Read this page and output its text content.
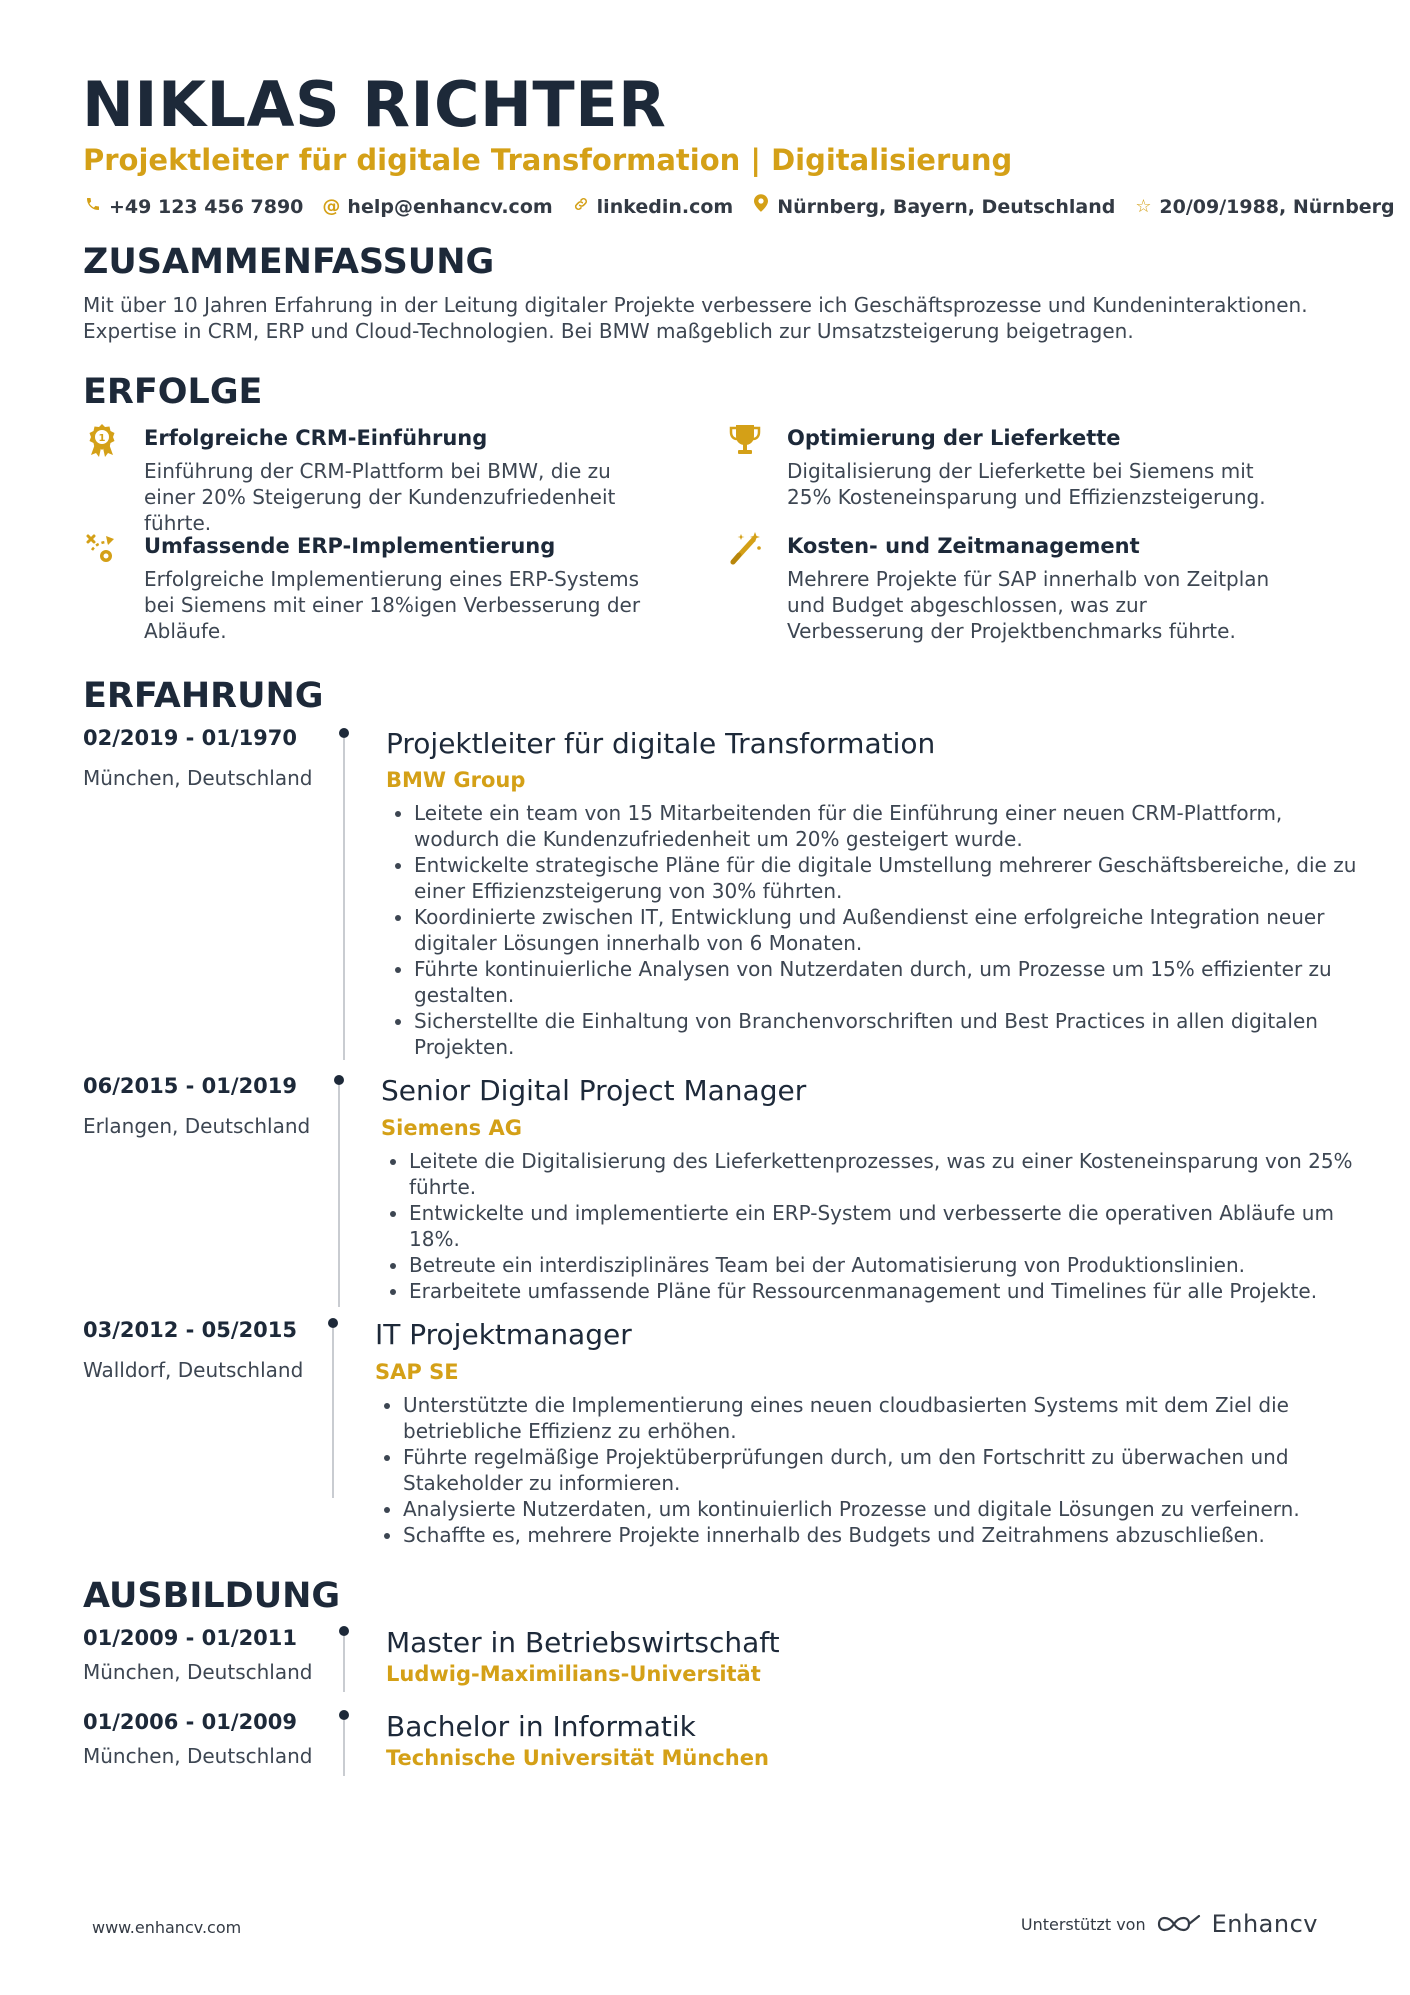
NIKLAS RICHTER
Projektleiter für digitale Transformation | Digitalisierung
+49 123 456 7890 @ help@enhancv.com linkedin.com Nürnberg, Bayern, Deutschland ☆ 20/09/1988, Nürnberg
ZUSAMMENFASSUNG

Mit über 10 Jahren Erfahrung in der Leitung digitaler Projekte verbessere ich Geschäftsprozesse und Kundeninteraktionen. Expertise in CRM, ERP und Cloud-Technologien. Bei BMW maßgeblich zur Umsatzsteigerung beigetragen.

ERFOLGE
1 Erfolgreiche CRM-Einführung

Einführung der CRM-Plattform bei BMW, die zu einer 20% Steigerung der Kundenzufriedenheit führte.

Optimierung der Lieferkette

Digitalisierung der Lieferkette bei Siemens mit 25% Kosteneinsparung und Effizienzsteigerung.

Umfassende ERP-Implementierung

Erfolgreiche Implementierung eines ERP-Systems bei Siemens mit einer 18%igen Verbesserung der Abläufe.

Kosten- und Zeitmanagement

Mehrere Projekte für SAP innerhalb von Zeitplan und Budget abgeschlossen, was zur Verbesserung der Projektbenchmarks führte.

ERFAHRUNG
02/2019 - 01/1970
München, Deutschland
Projektleiter für digitale Transformation
BMW Group
• Leitete ein team von 15 Mitarbeitenden für die Einführung einer neuen CRM-Plattform, wodurch die Kundenzufriedenheit um 20% gesteigert wurde.
• Entwickelte strategische Pläne für die digitale Umstellung mehrerer Geschäftsbereiche, die zu einer Effizienzsteigerung von 30% führten.
• Koordinierte zwischen IT, Entwicklung und Außendienst eine erfolgreiche Integration neuer digitaler Lösungen innerhalb von 6 Monaten.
• Führte kontinuierliche Analysen von Nutzerdaten durch, um Prozesse um 15% effizienter zu gestalten.
• Sicherstellte die Einhaltung von Branchenvorschriften und Best Practices in allen digitalen Projekten.
06/2015 - 01/2019
Erlangen, Deutschland
Senior Digital Project Manager
Siemens AG
• Leitete die Digitalisierung des Lieferkettenprozesses, was zu einer Kosteneinsparung von 25% führte.
• Entwickelte und implementierte ein ERP-System und verbesserte die operativen Abläufe um 18%.
• Betreute ein interdisziplinäres Team bei der Automatisierung von Produktionslinien.
• Erarbeitete umfassende Pläne für Ressourcenmanagement und Timelines für alle Projekte.
03/2012 - 05/2015
Walldorf, Deutschland
IT Projektmanager
SAP SE
• Unterstützte die Implementierung eines neuen cloudbasierten Systems mit dem Ziel die betriebliche Effizienz zu erhöhen.
• Führte regelmäßige Projektüberprüfungen durch, um den Fortschritt zu überwachen und Stakeholder zu informieren.
• Analysierte Nutzerdaten, um kontinuierlich Prozesse und digitale Lösungen zu verfeinern.
• Schaffte es, mehrere Projekte innerhalb des Budgets und Zeitrahmens abzuschließen.
AUSBILDUNG
01/2009 - 01/2011
München, Deutschland
Master in Betriebswirtschaft
Ludwig-Maximilians-Universität
01/2006 - 01/2009
München, Deutschland
Bachelor in Informatik
Technische Universität München
www.enhancv.com	Unterstützt von	Enhancv
